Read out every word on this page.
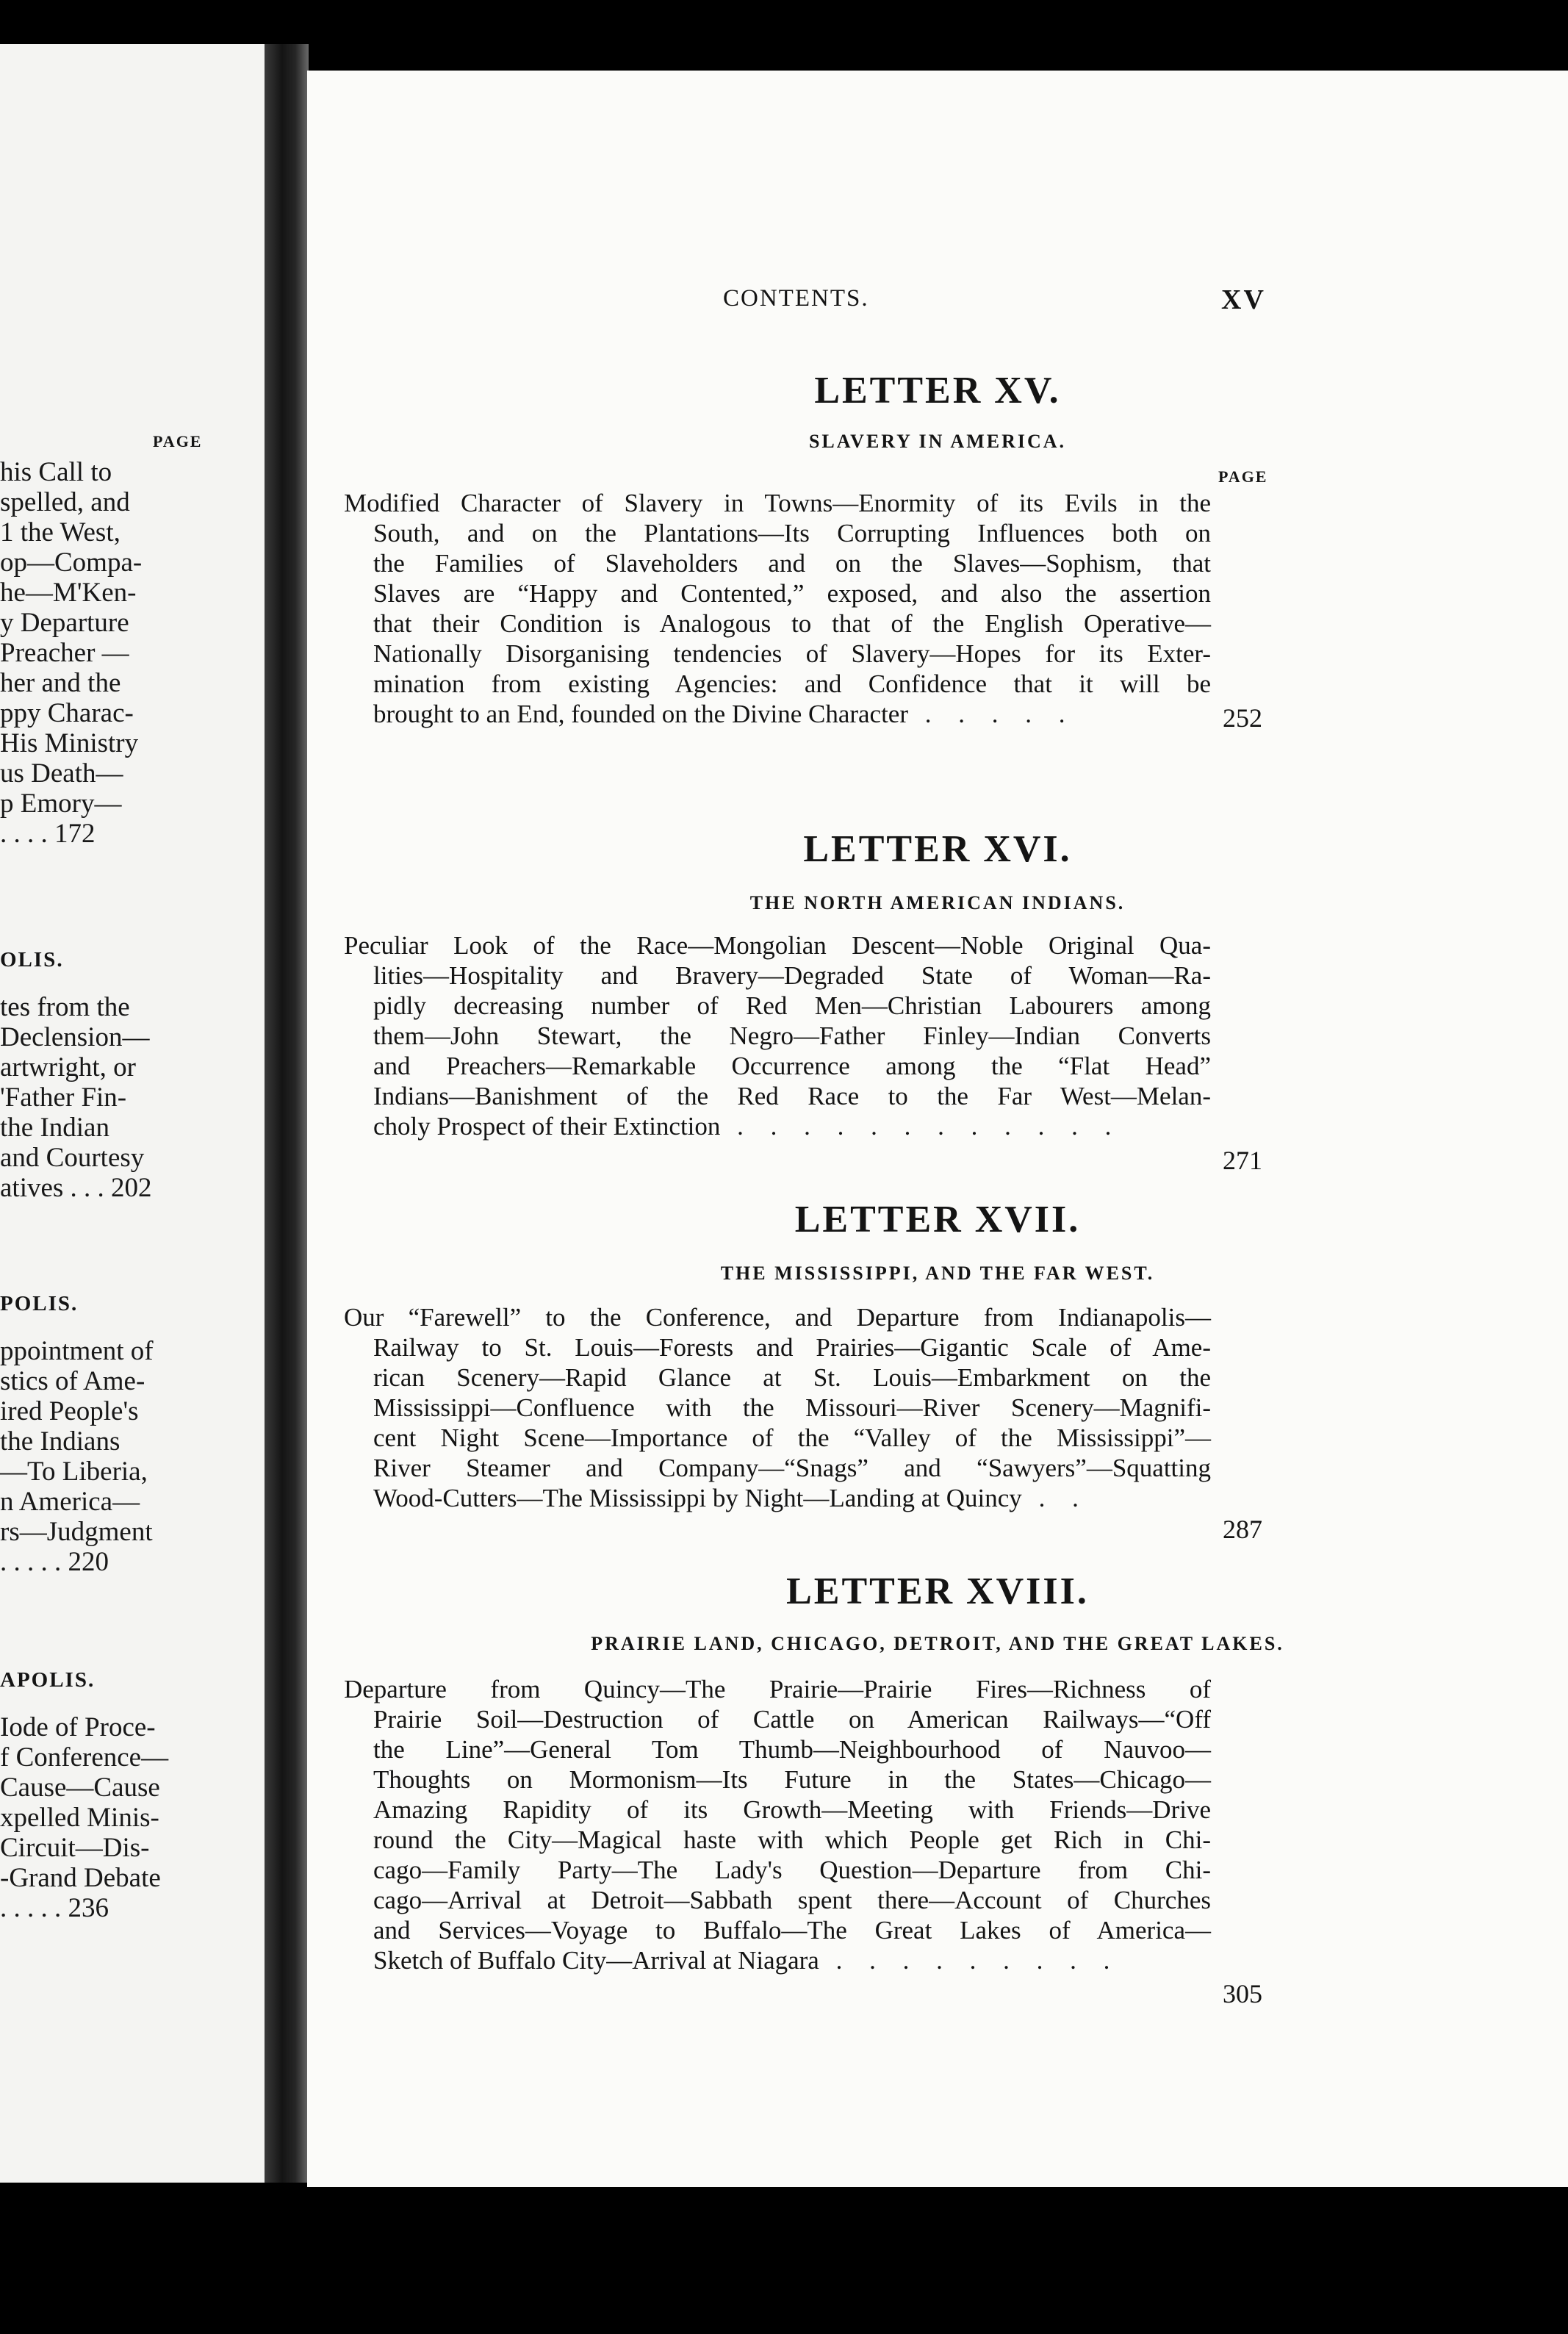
PAGE
his Call to
spelled, and
1 the West,
op—Compa-
he—M'Ken-
y Departure
Preacher —
her and the
ppy Charac-
His Ministry
us Death—
p Emory—
. . . . 172
OLIS.
tes from the
Declension—
artwright, or
'Father Fin-
the Indian
and Courtesy
atives . . . 202
POLIS.
ppointment of
stics of Ame-
ired People's
the Indians
—To Liberia,
n America—
rs—Judgment
. . . . . 220
APOLIS.
Iode of Proce-
f Conference—
Cause—Cause
xpelled Minis-
Circuit—Dis-
-Grand Debate
. . . . . 236
CONTENTS.	XV
LETTER XV.
SLAVERY IN AMERICA.
PAGE
Modified Character of Slavery in Towns—Enormity of its Evils in the
South, and on the Plantations—Its Corrupting Influences both on
the Families of Slaveholders and on the Slaves—Sophism, that
Slaves are “Happy and Contented,” exposed, and also the assertion
that their Condition is Analogous to that of the English Operative—
Nationally Disorganising tendencies of Slavery—Hopes for its Exter-
mination from existing Agencies: and Confidence that it will be
brought to an End, founded on the Divine Character . . . . .	252
LETTER XVI.
THE NORTH AMERICAN INDIANS.
Peculiar Look of the Race—Mongolian Descent—Noble Original Qua-
lities—Hospitality and Bravery—Degraded State of Woman—Ra-
pidly decreasing number of Red Men—Christian Labourers among
them—John Stewart, the Negro—Father Finley—Indian Converts
and Preachers—Remarkable Occurrence among the “Flat Head”
Indians—Banishment of the Red Race to the Far West—Melan-
choly Prospect of their Extinction . . . . . . . . . . . .
271
LETTER XVII.
THE MISSISSIPPI, AND THE FAR WEST.
Our “Farewell” to the Conference, and Departure from Indianapolis—
Railway to St. Louis—Forests and Prairies—Gigantic Scale of Ame-
rican Scenery—Rapid Glance at St. Louis—Embarkment on the
Mississippi—Confluence with the Missouri—River Scenery—Magnifi-
cent Night Scene—Importance of the “Valley of the Mississippi”—
River Steamer and Company—“Snags” and “Sawyers”—Squatting
Wood-Cutters—The Mississippi by Night—Landing at Quincy . .
287
LETTER XVIII.
PRAIRIE LAND, CHICAGO, DETROIT, AND THE GREAT LAKES.
Departure from Quincy—The Prairie—Prairie Fires—Richness of
Prairie Soil—Destruction of Cattle on American Railways—“Off
the Line”—General Tom Thumb—Neighbourhood of Nauvoo—
Thoughts on Mormonism—Its Future in the States—Chicago—
Amazing Rapidity of its Growth—Meeting with Friends—Drive
round the City—Magical haste with which People get Rich in Chi-
cago—Family Party—The Lady's Question—Departure from Chi-
cago—Arrival at Detroit—Sabbath spent there—Account of Churches
and Services—Voyage to Buffalo—The Great Lakes of America—
Sketch of Buffalo City—Arrival at Niagara . . . . . . . . .
305
